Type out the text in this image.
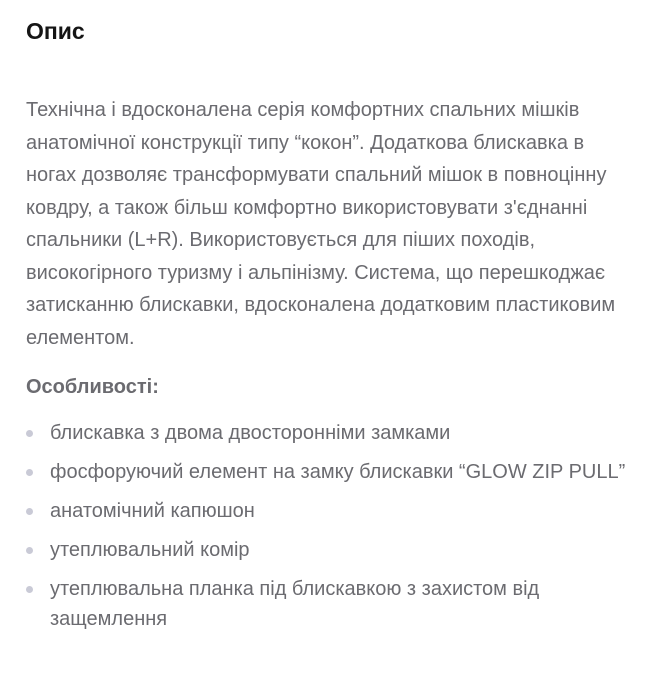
Опис

Технічна і вдосконалена серія комфортних спальних мішків анатомічної конструкції типу “кокон”. Додаткова блискавка в ногах дозволяє трансформувати спальний мішок в повноцінну ковдру, а також більш комфортно використовувати з'єднанні спальники (L+R). Використовується для піших походів, високогірного туризму і альпінізму. Система, що перешкоджає затисканню блискавки, вдосконалена додатковим пластиковим елементом.

Особливості:
блискавка з двома двосторонніми замками
фосфоруючий елемент на замку блискавки “GLOW ZIP PULL”
анатомічний капюшон
утеплювальний комір
утеплювальна планка під блискавкою з захистом від защемлення
